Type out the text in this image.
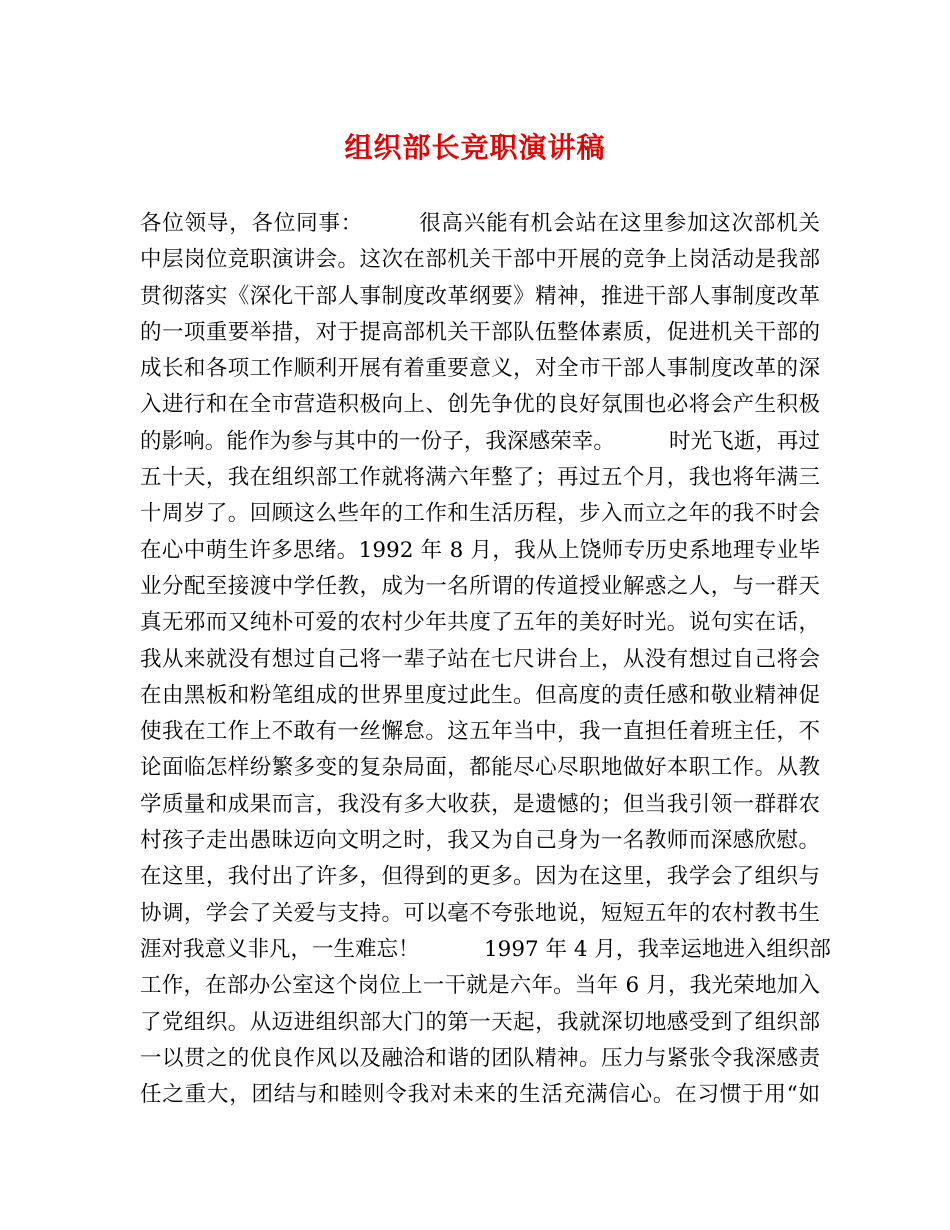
组织部长竞职演讲稿
各位领导，各位同事：　　　很高兴能有机会站在这里参加这次部机关
中层岗位竞职演讲会。这次在部机关干部中开展的竞争上岗活动是我部
贯彻落实《深化干部人事制度改革纲要》精神，推进干部人事制度改革
的一项重要举措，对于提高部机关干部队伍整体素质，促进机关干部的
成长和各项工作顺利开展有着重要意义，对全市干部人事制度改革的深
入进行和在全市营造积极向上、创先争优的良好氛围也必将会产生积极
的影响。能作为参与其中的一份子，我深感荣幸。　　　时光飞逝，再过
五十天，我在组织部工作就将满六年整了；再过五个月，我也将年满三
十周岁了。回顾这么些年的工作和生活历程，步入而立之年的我不时会
在心中萌生许多思绪。1992 年 8 月，我从上饶师专历史系地理专业毕
业分配至接渡中学任教，成为一名所谓的传道授业解惑之人，与一群天
真无邪而又纯朴可爱的农村少年共度了五年的美好时光。说句实在话，
我从来就没有想过自己将一辈子站在七尺讲台上，从没有想过自己将会
在由黑板和粉笔组成的世界里度过此生。但高度的责任感和敬业精神促
使我在工作上不敢有一丝懈怠。这五年当中，我一直担任着班主任，不
论面临怎样纷繁多变的复杂局面，都能尽心尽职地做好本职工作。从教
学质量和成果而言，我没有多大收获，是遗憾的；但当我引领一群群农
村孩子走出愚昧迈向文明之时，我又为自己身为一名教师而深感欣慰。
在这里，我付出了许多，但得到的更多。因为在这里，我学会了组织与
协调，学会了关爱与支持。可以毫不夸张地说，短短五年的农村教书生
涯对我意义非凡，一生难忘！　　　1997 年 4 月，我幸运地进入组织部
工作，在部办公室这个岗位上一干就是六年。当年 6 月，我光荣地加入
了党组织。从迈进组织部大门的第一天起，我就深切地感受到了组织部
一以贯之的优良作风以及融洽和谐的团队精神。压力与紧张令我深感责
任之重大，团结与和睦则令我对未来的生活充满信心。在习惯于用“如
